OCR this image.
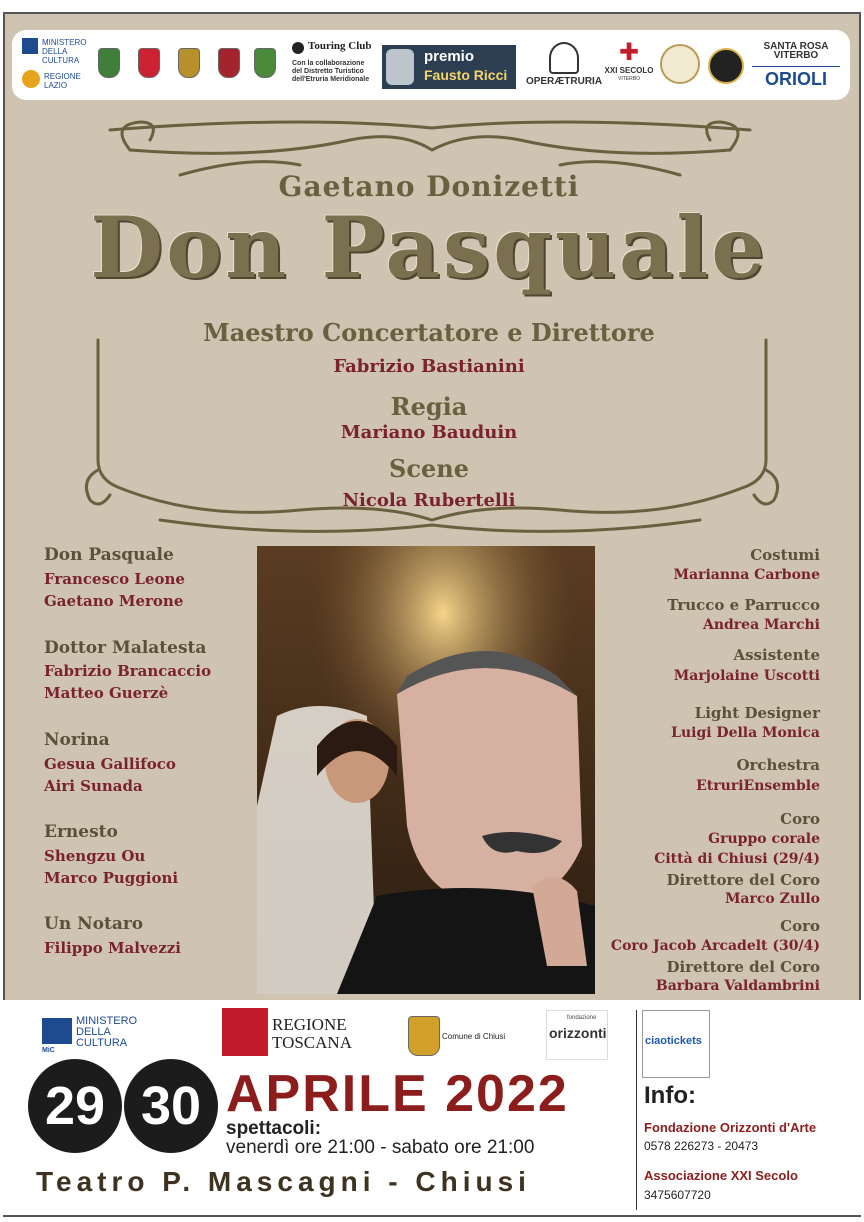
MINISTERO
DELLA
CULTURA
REGIONE
LAZIO
Touring Club
Con la collaborazione
del Distretto Turistico
dell'Etruria Meridionale
premio
Fausto Ricci OPERÆTRURIA
✚
XXI SECOLO
VITERBO
SANTA ROSA VITERBO
ORIOLI
Gaetano Donizetti
Don Pasquale
Maestro Concertatore e Direttore
Fabrizio Bastianini
Regia
Mariano Bauduin
Scene
Nicola Rubertelli
Don Pasquale
Francesco Leone
Gaetano Merone
Dottor Malatesta
Fabrizio Brancaccio
Matteo Guerzè
Norina
Gesua Gallifoco
Airi Sunada
Ernesto
Shengzu Ou
Marco Puggioni
Un Notaro
Filippo Malvezzi
Costumi
Marianna Carbone
Trucco e Parrucco
Andrea Marchi
Assistente
Marjolaine Uscotti
Light Designer
Luigi Della Monica
Orchestra
EtruriEnsemble
Coro
Gruppo corale
Città di Chiusi (29/4)
Direttore del Coro
Marco Zullo
Coro
Coro Jacob Arcadelt (30/4)
Direttore del Coro
Barbara Valdambrini
MiC
MINISTERO
DELLA
CULTURA
REGIONE
TOSCANA	Comune di Chiusi
fondazione
orizzonti	ciaotickets
29 30 APRILE 2022
spettacoli:
venerdì ore 21:00 - sabato ore 21:00
Teatro P. Mascagni - Chiusi
Info:
Fondazione Orizzonti d'Arte
0578 226273 - 20473
Associazione XXI Secolo
3475607720
